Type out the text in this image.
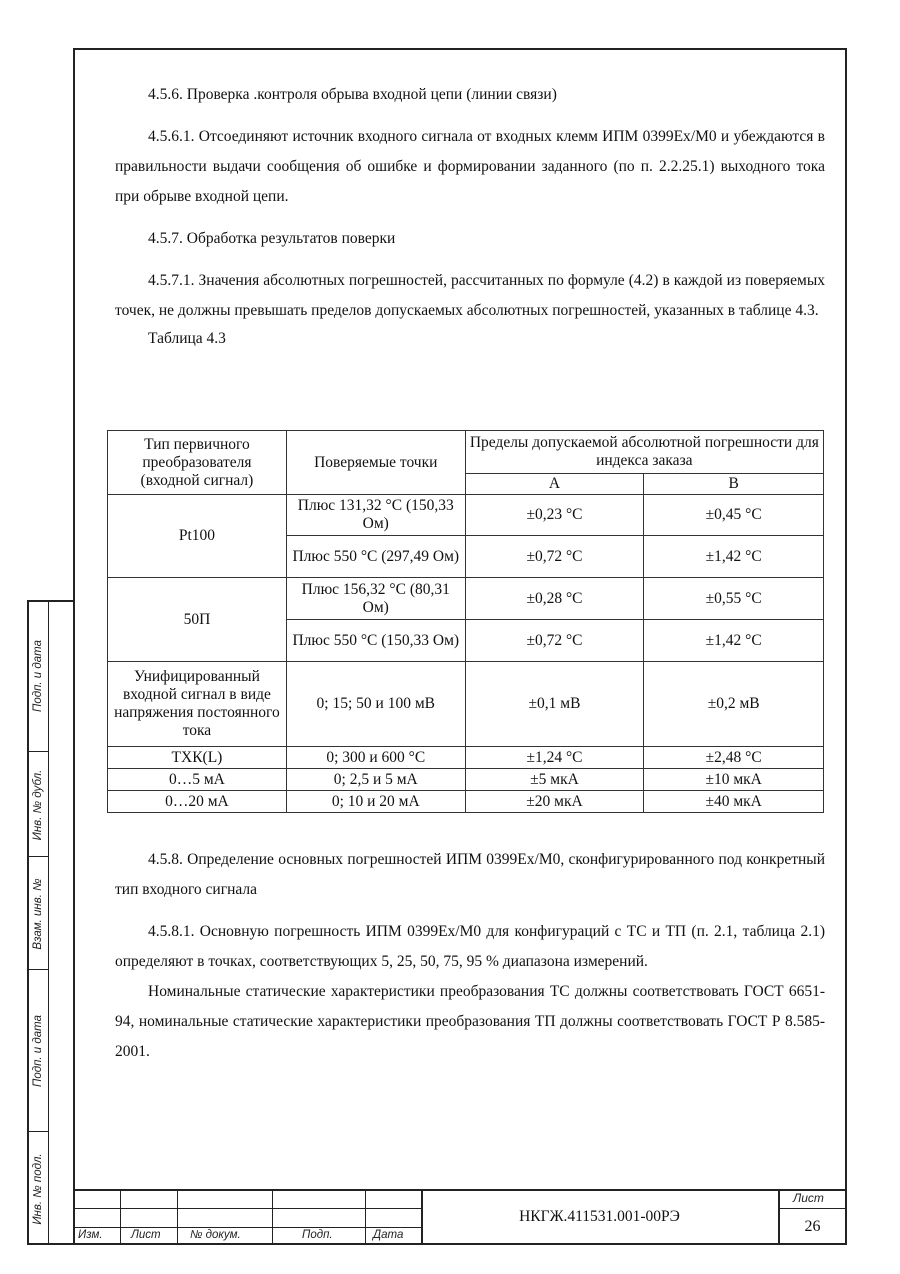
4.5.6. Проверка .контроля обрыва входной цепи (линии связи)

4.5.6.1. Отсоединяют источник входного сигнала от входных клемм ИПМ 0399Ex/М0 и убеждаются в правильности выдачи сообщения об ошибке и формировании заданного (по п. 2.2.25.1) выходного тока при обрыве входной цепи.

4.5.7. Обработка результатов поверки

4.5.7.1. Значения абсолютных погрешностей, рассчитанных по формуле (4.2) в каждой из поверяемых точек, не должны превышать пределов допускаемых абсолютных погрешностей, указанных в таблице 4.3.

Таблица 4.3

Тип первичного преобразователя (входной сигнал)	Поверяемые точки	Пределы допускаемой абсолютной погрешности для индекса заказа	
		А	В
Pt100	Плюс 131,32 °С (150,33 Ом)	±0,23 °С	±0,45 °С
	Плюс 550 °С (297,49 Ом)	±0,72 °С	±1,42 °С
50П	Плюс 156,32 °С (80,31 Ом)	±0,28 °С	±0,55 °С
	Плюс 550 °С (150,33 Ом)	±0,72 °С	±1,42 °С
Унифицированный входной сигнал в виде напряжения постоянного тока	0; 15; 50 и 100 мВ	±0,1 мВ	±0,2 мВ
ТХК(L)	0; 300 и 600 °С	±1,24 °С	±2,48 °С
0…5 мА	0; 2,5 и 5 мА	±5 мкА	±10 мкА
0…20 мА	0; 10 и 20 мА	±20 мкА	±40 мкА

4.5.8. Определение основных погрешностей ИПМ 0399Ex/М0, сконфигурированного под конкретный тип входного сигнала

4.5.8.1. Основную погрешность ИПМ 0399Ex/М0 для конфигураций с ТС и ТП (п. 2.1, таблица 2.1) определяют в точках, соответствующих 5, 25, 50, 75, 95 % диапазона измерений.

Номинальные статические характеристики преобразования ТС должны соответствовать ГОСТ 6651-94, номинальные статические характеристики преобразования ТП должны соответствовать ГОСТ Р 8.585-2001.

Подп. и дата
Инв. № дубл.
Взам. инв. №
Подп. и дата
Инв. № подл.
Изм. Лист	№ докум.	Подп.	Дата
НКГЖ.411531.001-00РЭ
Лист
26
